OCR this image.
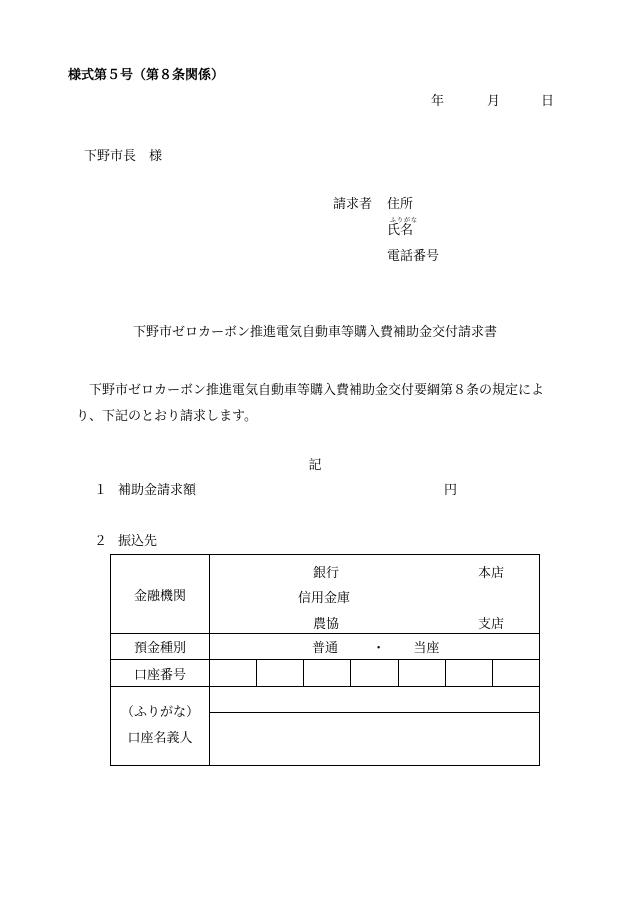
様式第５号（第８条関係）
年	月	日
下野市長　様
請求者 住所
ふりがな
氏名
電話番号
下野市ゼロカーボン推進電気自動車等購入費補助金交付請求書
下野市ゼロカーボン推進電気自動車等購入費補助金交付要綱第８条の規定により、下記のとおり請求します。
記
１ 補助金請求額	円
２ 振込先
金融機関	銀行 本店
信用金庫
農協 支店						

預金種別	普通 ・ 当座						
口座番号							

（ふりがな）
口座名義人							
